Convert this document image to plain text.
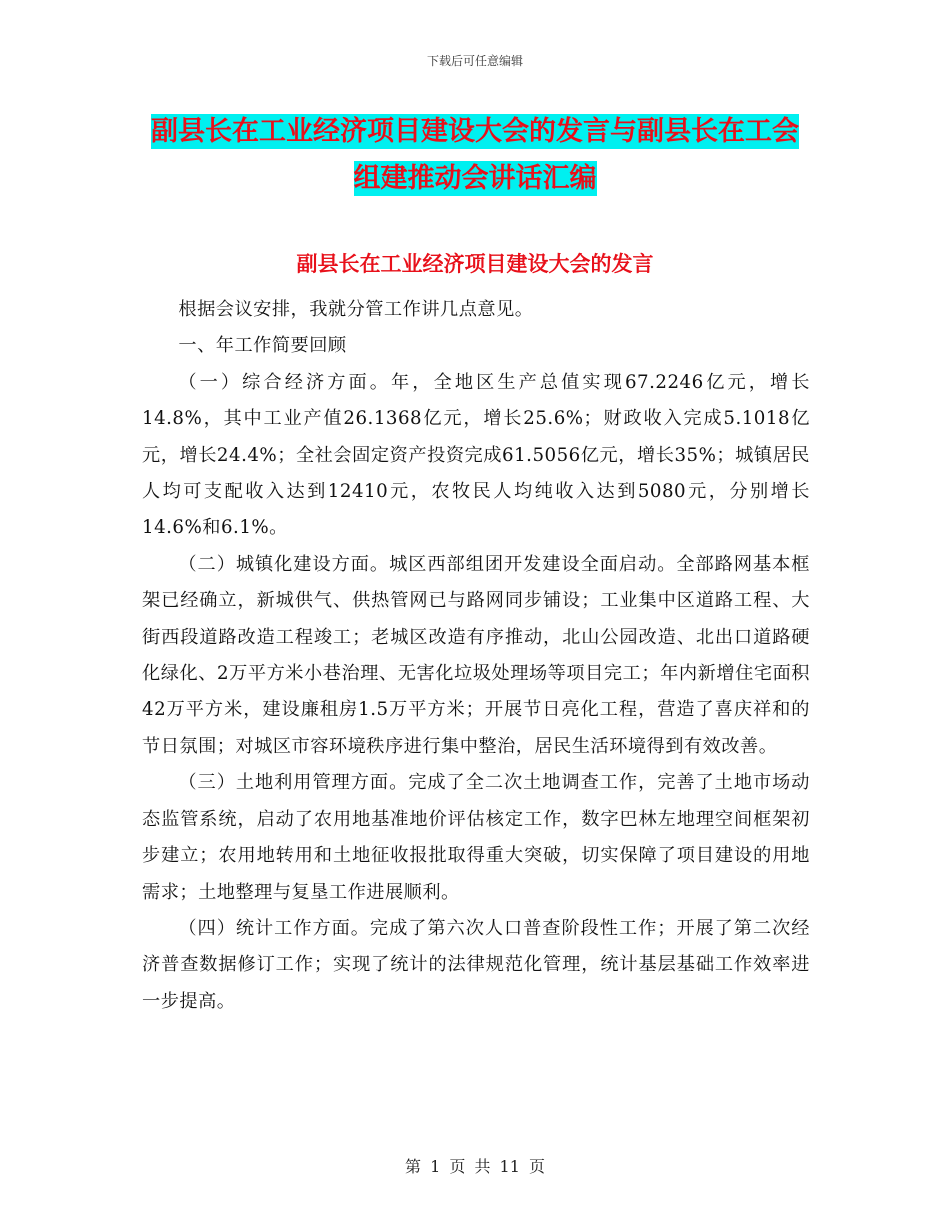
下载后可任意编辑
副县长在工业经济项目建设大会的发言与副县长在工会组建推动会讲话汇编
副县长在工业经济项目建设大会的发言

根据会议安排，我就分管工作讲几点意见。

一、年工作简要回顾

（一）综合经济方面。年，全地区生产总值实现67.2246亿元，增长14.8%，其中工业产值26.1368亿元，增长25.6%；财政收入完成5.1018亿元，增长24.4%；全社会固定资产投资完成61.5056亿元，增长35%；城镇居民人均可支配收入达到12410元，农牧民人均纯收入达到5080元，分别增长14.6%和6.1%。

（二）城镇化建设方面。城区西部组团开发建设全面启动。全部路网基本框架已经确立，新城供气、供热管网已与路网同步铺设；工业集中区道路工程、大街西段道路改造工程竣工；老城区改造有序推动，北山公园改造、北出口道路硬化绿化、2万平方米小巷治理、无害化垃圾处理场等项目完工；年内新增住宅面积42万平方米，建设廉租房1.5万平方米；开展节日亮化工程，营造了喜庆祥和的节日氛围；对城区市容环境秩序进行集中整治，居民生活环境得到有效改善。

（三）土地利用管理方面。完成了全二次土地调查工作，完善了土地市场动态监管系统，启动了农用地基准地价评估核定工作，数字巴林左地理空间框架初步建立；农用地转用和土地征收报批取得重大突破，切实保障了项目建设的用地需求；土地整理与复垦工作进展顺利。

（四）统计工作方面。完成了第六次人口普查阶段性工作；开展了第二次经济普查数据修订工作；实现了统计的法律规范化管理，统计基层基础工作效率进一步提高。

第 1 页 共 11 页
